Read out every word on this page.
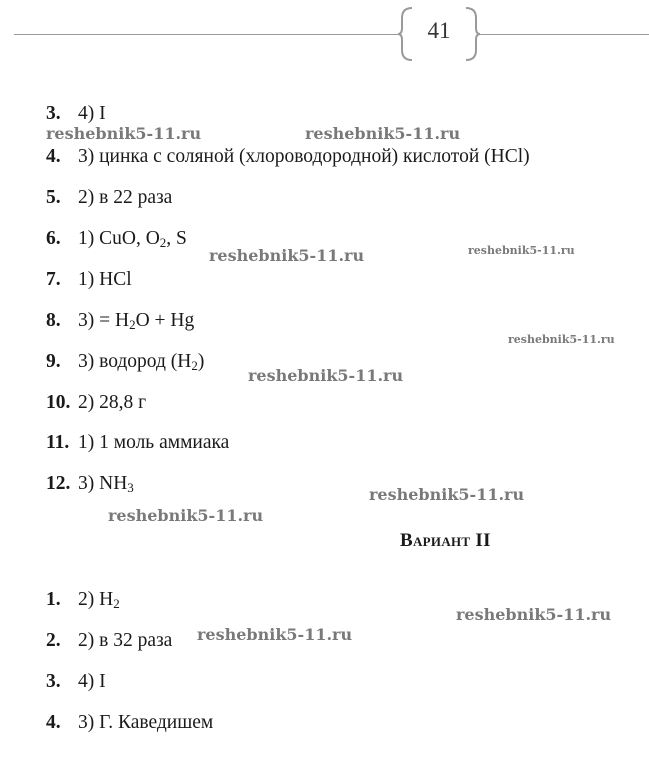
41
3. 4) I
4. 3) цинка с соляной (хлороводородной) кислотой (HCl)
5. 2) в 22 раза
6. 1) CuO, $O_2$, S
7. 1) HCl
8. $3) = H_2O + Hg$
9. 3) водород $(H_2)$
10. 2) 28,8 г
11. 1) 1 моль аммиака
12. 3) $NH_3$
Вариант II
1. 2) $H_2$
2. 2) в 32 раза
3. 4) I
4. 3) Г. Каведишем
reshebnik5-11.ru	reshebnik5-11.ru
reshebnik5-11.ru	reshebnik5-11.ru
reshebnik5-11.ru
reshebnik5-11.ru
reshebnik5-11.ru
reshebnik5-11.ru
reshebnik5-11.ru
reshebnik5-11.ru
